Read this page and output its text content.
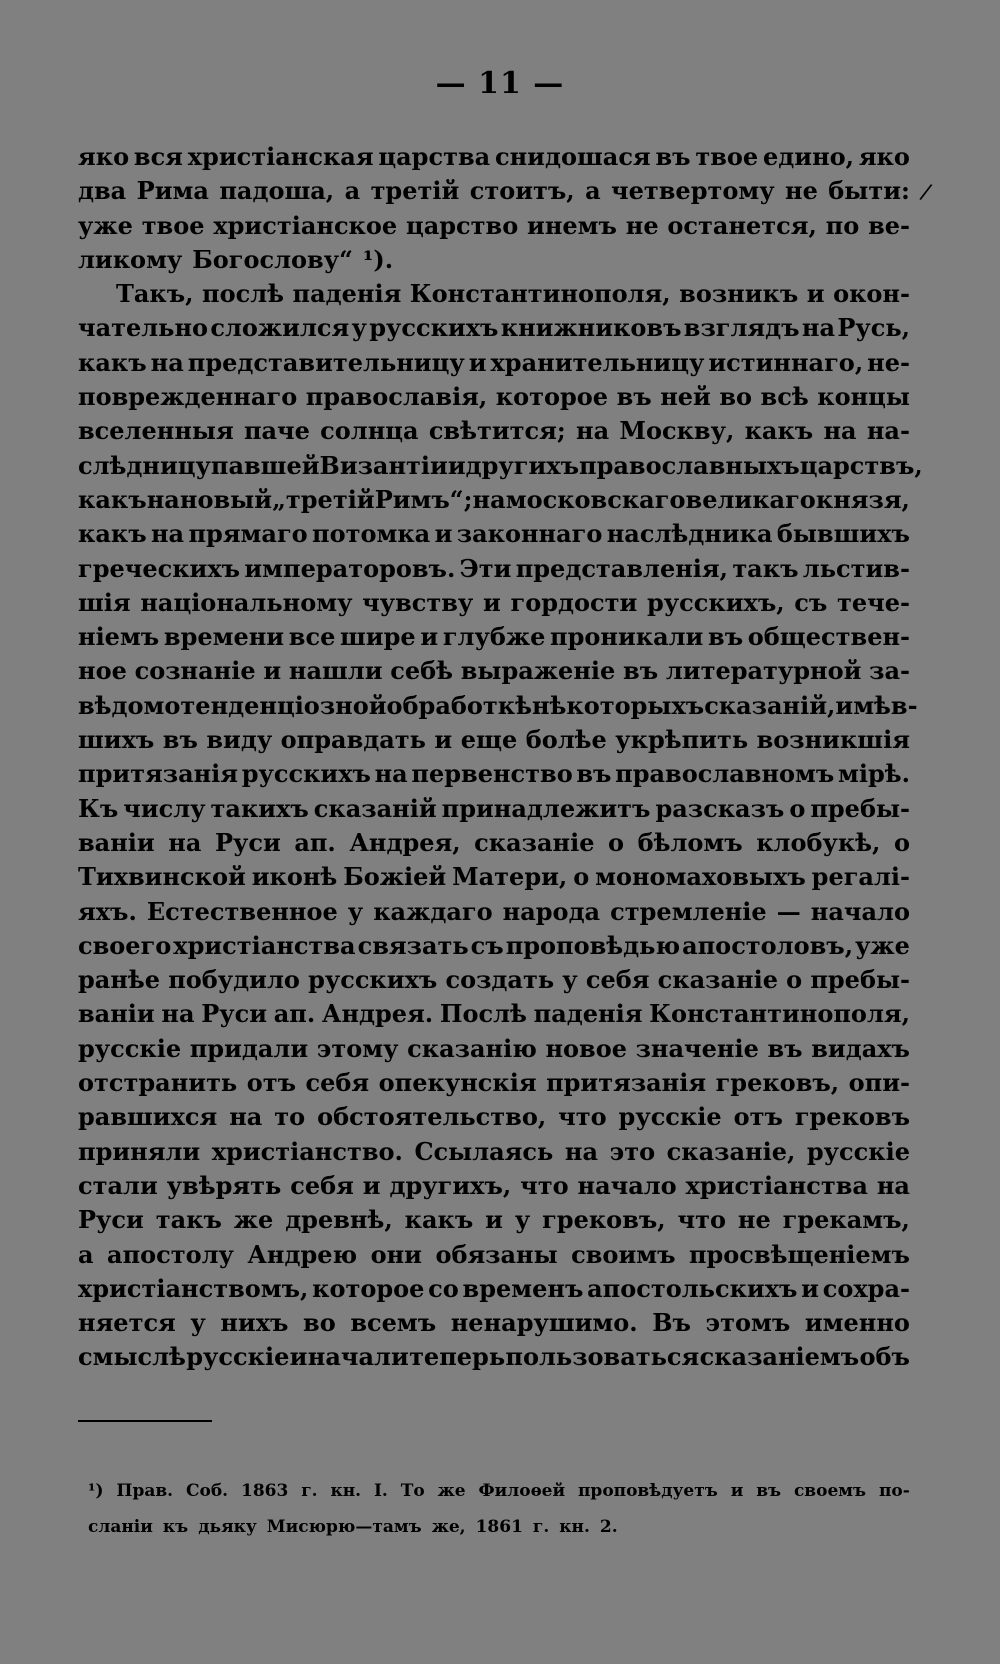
— 11 —
/
яко вся христіанская царства снидошася въ твое едино, яко
два Рима падоша, а третій стоитъ, а четвертому не быти:
уже твое христіанское царство инемъ не останется, по ве-
ликому Богослову“ ¹).
Такъ, послѣ паденія Константинополя, возникъ и окон-
чательно сложился у русскихъ книжниковъ взглядъ на Русь,
какъ на представительницу и хранительницу истиннаго, не-
поврежденнаго православія, которое въ ней во всѣ концы
вселенныя паче солнца свѣтится; на Москву, какъ на на-
слѣдницу павшей Византіи и другихъ православныхъ царствъ,
какъ на новый „третій Римъ“; на московскаго великаго князя,
какъ на прямаго потомка и законнаго наслѣдника бывшихъ
греческихъ императоровъ. Эти представленія, такъ льстив-
шія національному чувству и гордости русскихъ, съ тече-
ніемъ времени все шире и глубже проникали въ обществен-
ное сознаніе и нашли себѣ выраженіе въ литературной за-
вѣдомо тенденціозной обработкѣ нѣкоторыхъ сказаній, имѣв-
шихъ въ виду оправдать и еще болѣе укрѣпить возникшія
притязанія русскихъ на первенство въ православномъ мірѣ.
Къ числу такихъ сказаній принадлежитъ разсказъ о пребы-
ваніи на Руси ап. Андрея, сказаніе о бѣломъ клобукѣ, о
Тихвинской иконѣ Божіей Матери, о мономаховыхъ регалі-
яхъ. Естественное у каждаго народа стремленіе — начало
своего христіанства связать съ проповѣдью апостоловъ, уже
ранѣе побудило русскихъ создать у себя сказаніе о пребы-
ваніи на Руси ап. Андрея. Послѣ паденія Константинополя,
русскіе придали этому сказанію новое значеніе въ видахъ
отстранить отъ себя опекунскія притязанія грековъ, опи-
равшихся на то обстоятельство, что русскіе отъ грековъ
приняли христіанство. Ссылаясь на это сказаніе, русскіе
стали увѣрять себя и другихъ, что начало христіанства на
Руси такъ же древнѣ, какъ и у грековъ, что не грекамъ,
а апостолу Андрею они обязаны своимъ просвѣщеніемъ
христіанствомъ, которое со временъ апостольскихъ и сохра-
няется у нихъ во всемъ ненарушимо. Въ этомъ именно
смыслѣ русскіе и начали теперь пользоваться сказаніемъ объ
¹) Прав. Соб. 1863 г. кн. I. То же Филоѳей проповѣдуетъ и въ своемъ по-
сланіи къ дьяку Мисюрю—тамъ же, 1861 г. кн. 2.
